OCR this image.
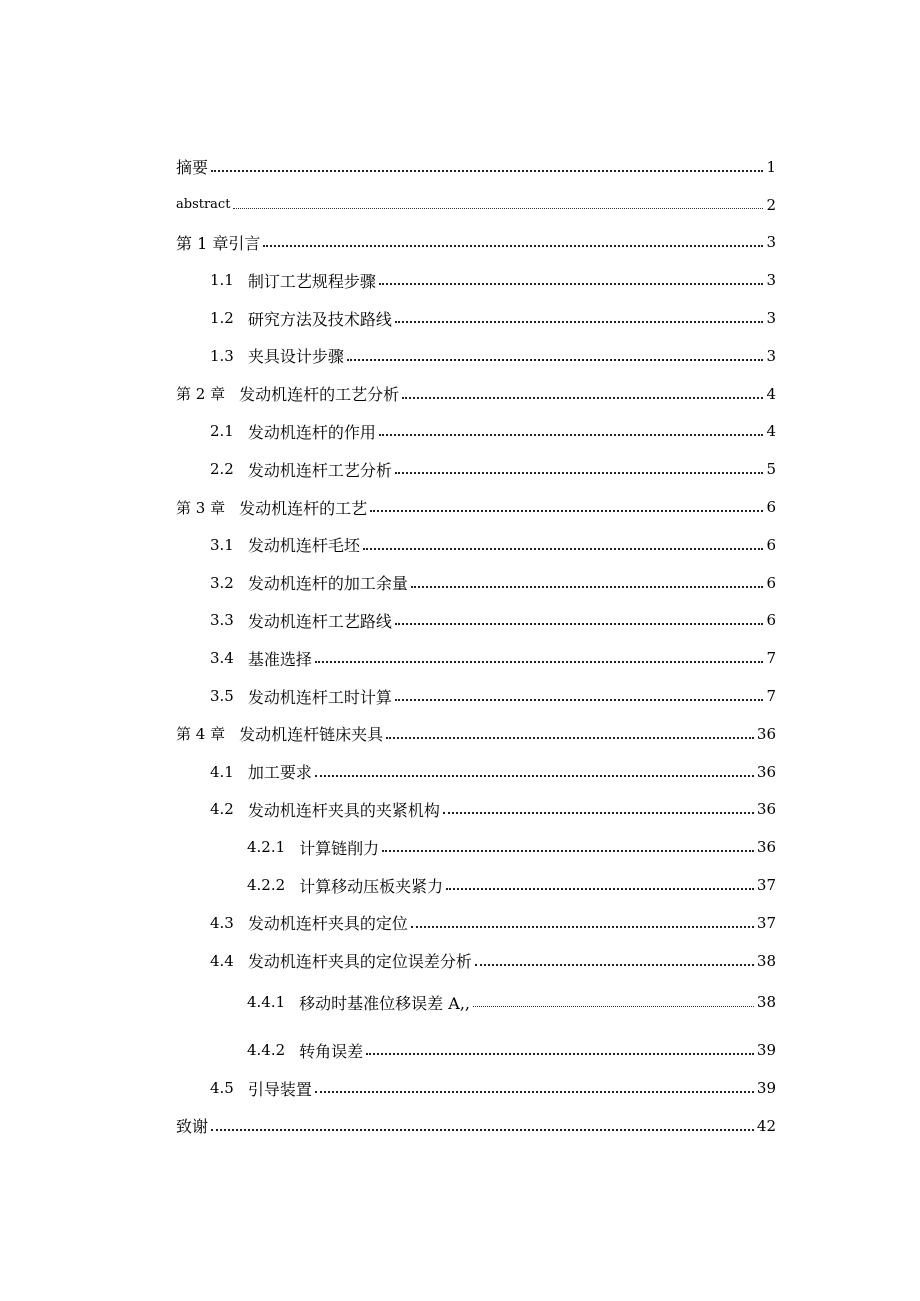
摘要	1
abstract	2
第 1 章引言	3
1.1 制订工艺规程步骤	3
1.2 研究方法及技术路线	3
1.3 夹具设计步骤	3
第 2 章 发动机连杆的工艺分析	4
2.1 发动机连杆的作用	4
2.2 发动机连杆工艺分析	5
第 3 章 发动机连杆的工艺	6
3.1 发动机连杆毛坯	6
3.2 发动机连杆的加工余量	6
3.3 发动机连杆工艺路线	6
3.4 基准选择	7
3.5 发动机连杆工时计算	7
第 4 章 发动机连杆链床夹具	36
4.1 加工要求	36
4.2 发动机连杆夹具的夹紧机构	36
4.2.1 计算链削力	36
4.2.2 计算移动压板夹紧力	37
4.3 发动机连杆夹具的定位	37
4.4 发动机连杆夹具的定位误差分析	38
4.4.1 移动时基准位移误差 A,,	38
4.4.2 转角误差	39
4.5 引导装置	39
致谢	42
